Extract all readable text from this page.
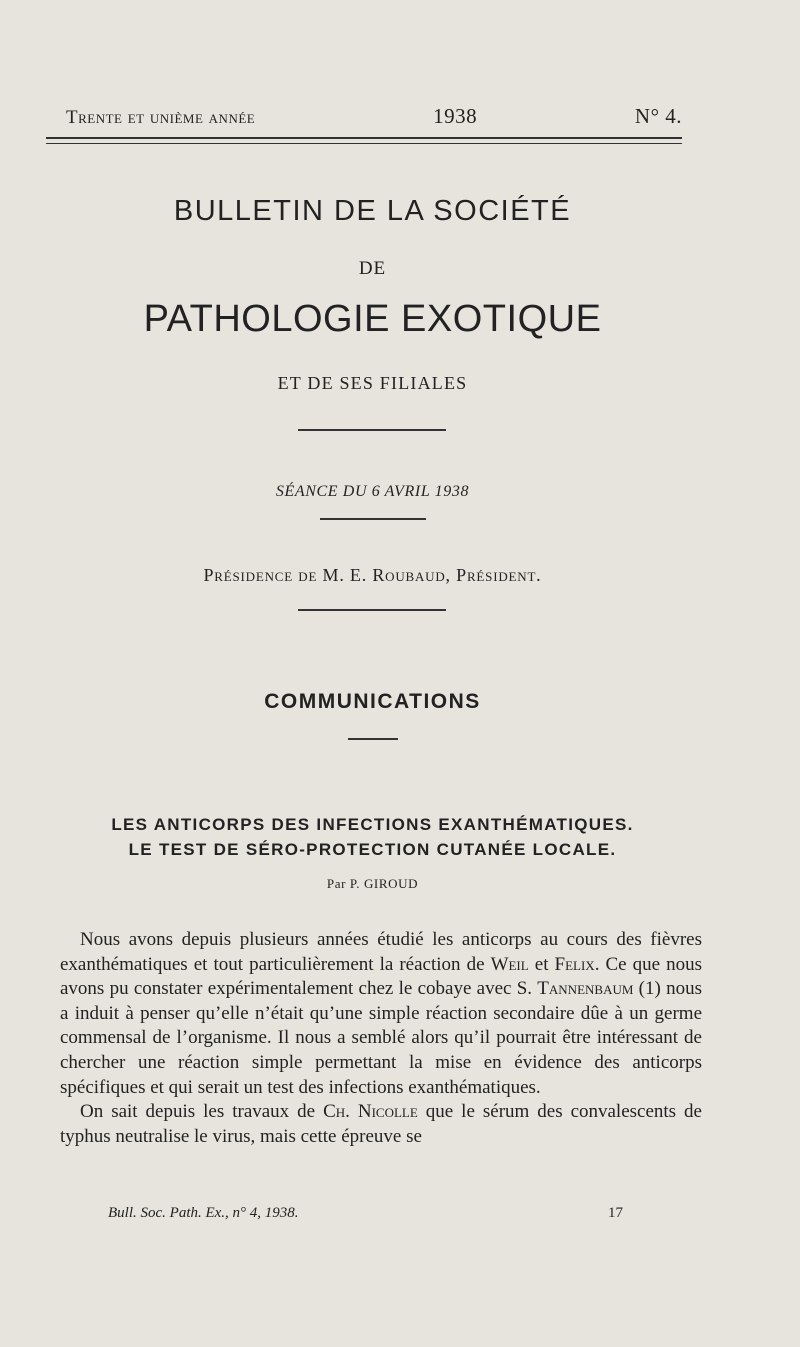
Trente et unième année	1938	N° 4.
BULLETIN DE LA SOCIÉTÉ
DE
PATHOLOGIE EXOTIQUE
ET DE SES FILIALES
SÉANCE DU 6 AVRIL 1938
Présidence de M. E. Roubaud, Président.
COMMUNICATIONS
LES ANTICORPS DES INFECTIONS EXANTHÉMATIQUES.
LE TEST DE SÉRO-PROTECTION CUTANÉE LOCALE.
Par P. GIROUD

Nous avons depuis plusieurs années étudié les anticorps au cours des fièvres exanthématiques et tout particulièrement la réaction de Weil et Felix. Ce que nous avons pu constater expérimentalement chez le cobaye avec S. Tannenbaum (1) nous a induit à penser qu’elle n’était qu’une simple réaction secondaire dûe à un germe commensal de l’organisme. Il nous a semblé alors qu’il pourrait être intéressant de chercher une réaction simple permettant la mise en évidence des anticorps spécifiques et qui serait un test des infections exanthématiques.

On sait depuis les travaux de Ch. Nicolle que le sérum des convalescents de typhus neutralise le virus, mais cette épreuve se

Bull. Soc. Path. Ex., n° 4, 1938.	17
